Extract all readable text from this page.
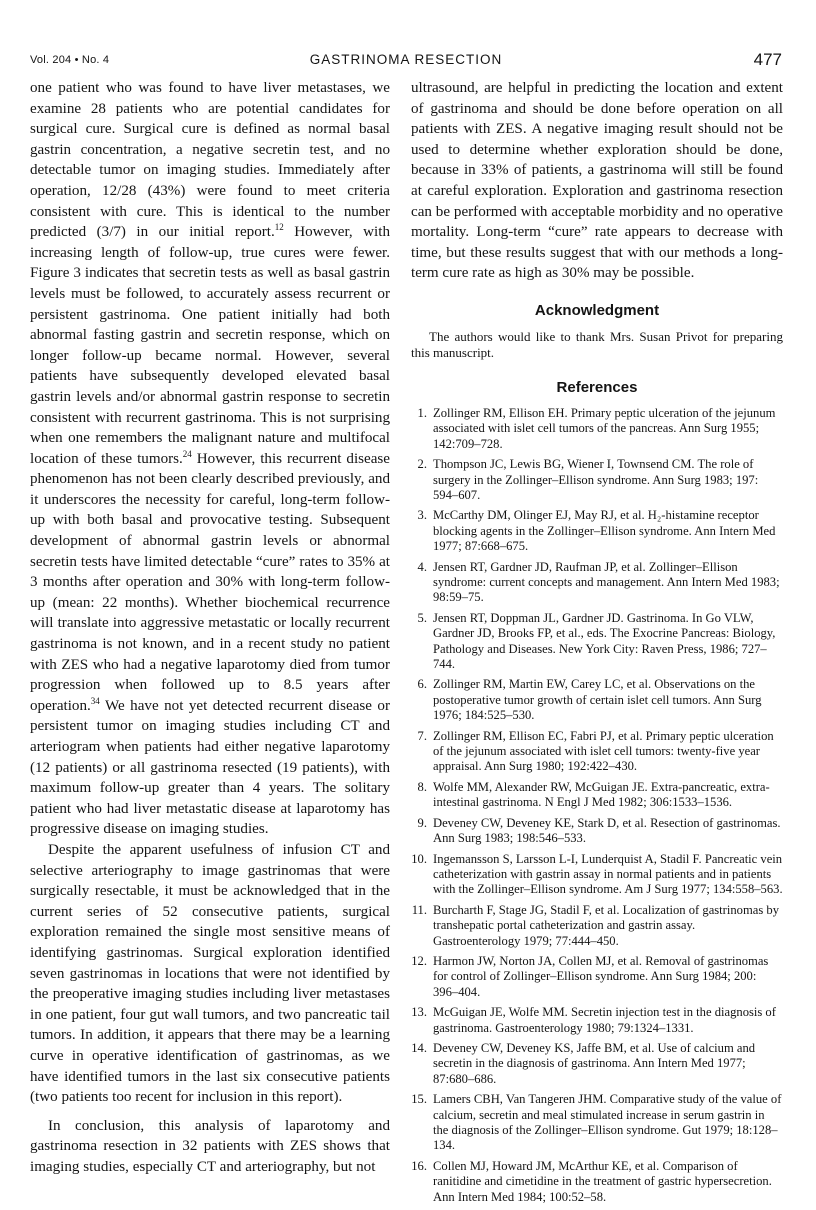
Vol. 204 • No. 4	GASTRINOMA RESECTION	477

one patient who was found to have liver metastases, we examine 28 patients who are potential candidates for surgical cure. Surgical cure is defined as normal basal gastrin concentration, a negative secretin test, and no detectable tumor on imaging studies. Immediately after operation, 12/28 (43%) were found to meet criteria consistent with cure. This is identical to the number predicted (3/7) in our initial report.$^{12}$ However, with increasing length of follow-up, true cures were fewer. Figure 3 indicates that secretin tests as well as basal gastrin levels must be followed, to accurately assess recurrent or persistent gastrinoma. One patient initially had both abnormal fasting gastrin and secretin response, which on longer follow-up became normal. However, several patients have subsequently developed elevated basal gastrin levels and/or abnormal gastrin response to secretin consistent with recurrent gastrinoma. This is not surprising when one remembers the malignant nature and multifocal location of these tumors.$^{24}$ However, this recurrent disease phenomenon has not been clearly described previously, and it underscores the necessity for careful, long-term follow-up with both basal and provocative testing. Subsequent development of abnormal gastrin levels or abnormal secretin tests have limited detectable “cure” rates to 35% at 3 months after operation and 30% with long-term follow-up (mean: 22 months). Whether biochemical recurrence will translate into aggressive metastatic or locally recurrent gastrinoma is not known, and in a recent study no patient with ZES who had a negative laparotomy died from tumor progression when followed up to 8.5 years after operation.$^{34}$ We have not yet detected recurrent disease or persistent tumor on imaging studies including CT and arteriogram when patients had either negative laparotomy (12 patients) or all gastrinoma resected (19 patients), with maximum follow-up greater than 4 years. The solitary patient who had liver metastatic disease at laparotomy has progressive disease on imaging studies.

Despite the apparent usefulness of infusion CT and selective arteriography to image gastrinomas that were surgically resectable, it must be acknowledged that in the current series of 52 consecutive patients, surgical exploration remained the single most sensitive means of identifying gastrinomas. Surgical exploration identified seven gastrinomas in locations that were not identified by the preoperative imaging studies including liver metastases in one patient, four gut wall tumors, and two pancreatic tail tumors. In addition, it appears that there may be a learning curve in operative identification of gastrinomas, as we have identified tumors in the last six consecutive patients (two patients too recent for inclusion in this report).

In conclusion, this analysis of laparotomy and gastrinoma resection in 32 patients with ZES shows that imaging studies, especially CT and arteriography, but not

ultrasound, are helpful in predicting the location and extent of gastrinoma and should be done before operation on all patients with ZES. A negative imaging result should not be used to determine whether exploration should be done, because in 33% of patients, a gastrinoma will still be found at careful exploration. Exploration and gastrinoma resection can be performed with acceptable morbidity and no operative mortality. Long-term “cure” rate appears to decrease with time, but these results suggest that with our methods a long-term cure rate as high as 30% may be possible.

Acknowledgment

The authors would like to thank Mrs. Susan Privot for preparing this manuscript.

References
1. Zollinger RM, Ellison EH. Primary peptic ulceration of the jejunum associated with islet cell tumors of the pancreas. Ann Surg 1955; 142:709–728.
2. Thompson JC, Lewis BG, Wiener I, Townsend CM. The role of surgery in the Zollinger–Ellison syndrome. Ann Surg 1983; 197: 594–607.
3. McCarthy DM, Olinger EJ, May RJ, et al. H₂-histamine receptor blocking agents in the Zollinger–Ellison syndrome. Ann Intern Med 1977; 87:668–675.
4. Jensen RT, Gardner JD, Raufman JP, et al. Zollinger–Ellison syndrome: current concepts and management. Ann Intern Med 1983; 98:59–75.
5. Jensen RT, Doppman JL, Gardner JD. Gastrinoma. In Go VLW, Gardner JD, Brooks FP, et al., eds. The Exocrine Pancreas: Biology, Pathology and Diseases. New York City: Raven Press, 1986; 727–744.
6. Zollinger RM, Martin EW, Carey LC, et al. Observations on the postoperative tumor growth of certain islet cell tumors. Ann Surg 1976; 184:525–530.
7. Zollinger RM, Ellison EC, Fabri PJ, et al. Primary peptic ulceration of the jejunum associated with islet cell tumors: twenty-five year appraisal. Ann Surg 1980; 192:422–430.
8. Wolfe MM, Alexander RW, McGuigan JE. Extra-pancreatic, extra-intestinal gastrinoma. N Engl J Med 1982; 306:1533–1536.
9. Deveney CW, Deveney KE, Stark D, et al. Resection of gastrinomas. Ann Surg 1983; 198:546–533.
10. Ingemansson S, Larsson L-I, Lunderquist A, Stadil F. Pancreatic vein catheterization with gastrin assay in normal patients and in patients with the Zollinger–Ellison syndrome. Am J Surg 1977; 134:558–563.
11. Burcharth F, Stage JG, Stadil F, et al. Localization of gastrinomas by transhepatic portal catheterization and gastrin assay. Gastroenterology 1979; 77:444–450.
12. Harmon JW, Norton JA, Collen MJ, et al. Removal of gastrinomas for control of Zollinger–Ellison syndrome. Ann Surg 1984; 200: 396–404.
13. McGuigan JE, Wolfe MM. Secretin injection test in the diagnosis of gastrinoma. Gastroenterology 1980; 79:1324–1331.
14. Deveney CW, Deveney KS, Jaffe BM, et al. Use of calcium and secretin in the diagnosis of gastrinoma. Ann Intern Med 1977; 87:680–686.
15. Lamers CBH, Van Tangeren JHM. Comparative study of the value of calcium, secretin and meal stimulated increase in serum gastrin in the diagnosis of the Zollinger–Ellison syndrome. Gut 1979; 18:128–134.
16. Collen MJ, Howard JM, McArthur KE, et al. Comparison of ranitidine and cimetidine in the treatment of gastric hypersecretion. Ann Intern Med 1984; 100:52–58.
